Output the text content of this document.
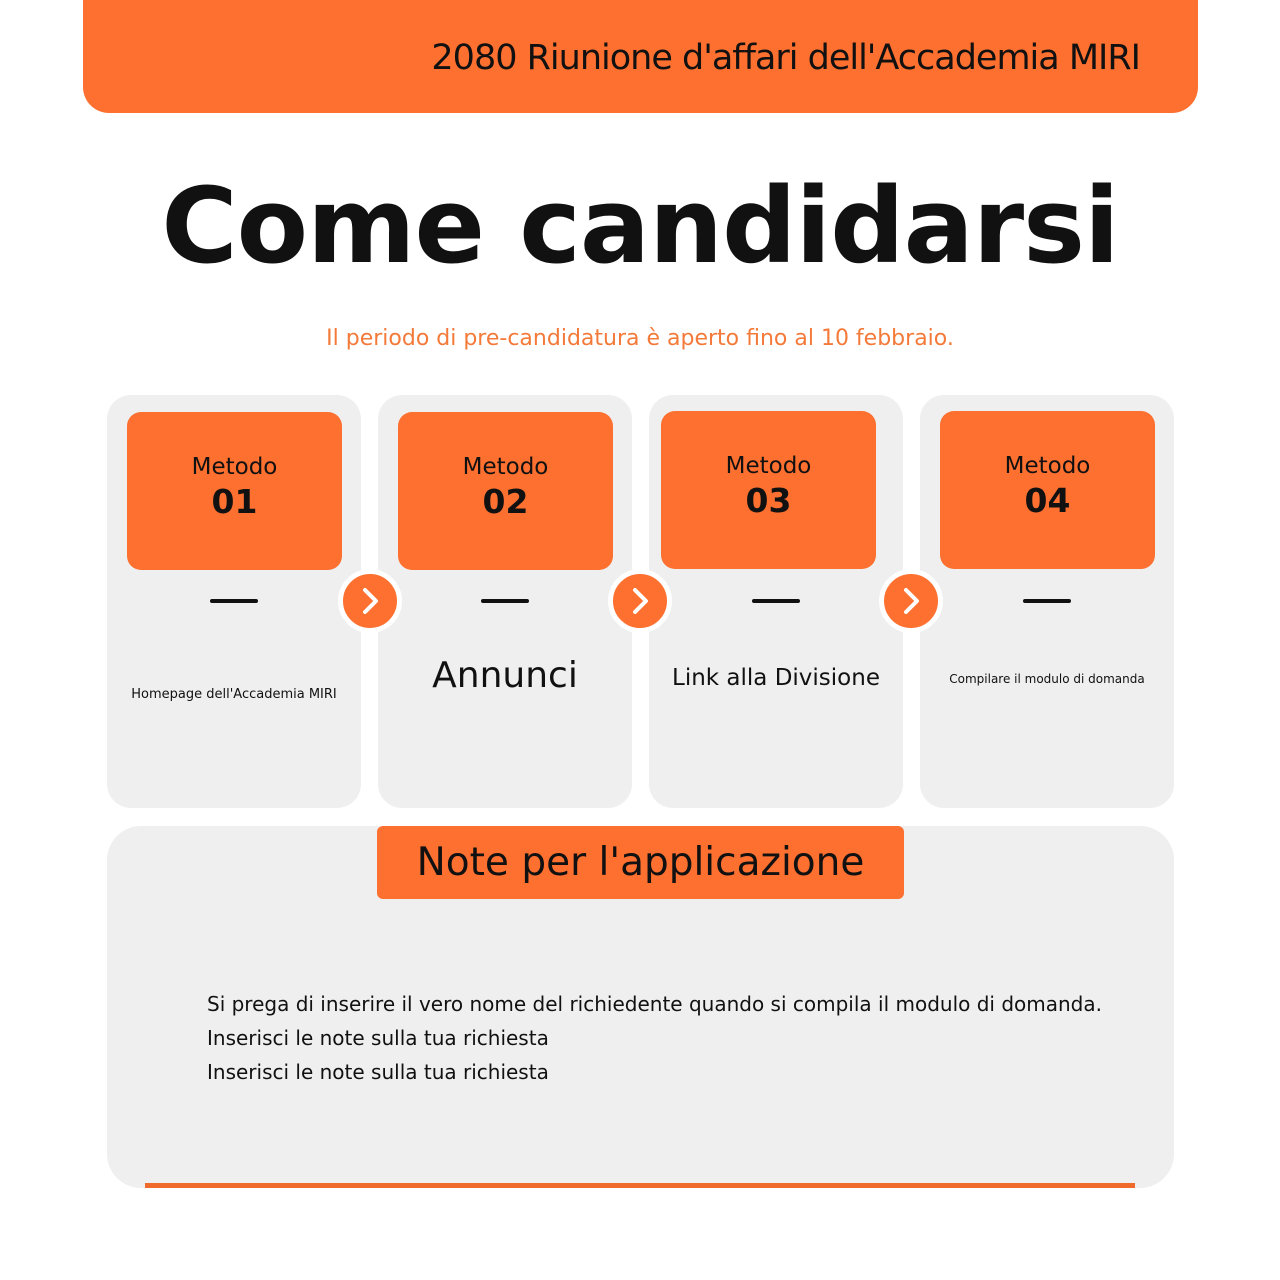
2080 Riunione d'affari dell'Accademia MIRI
Come candidarsi
Il periodo di pre-candidatura è aperto fino al 10 febbraio.
Metodo
01
Homepage dell'Accademia MIRI
Metodo
02
Annunci
Metodo
03
Link alla Divisione
Metodo
04
Compilare il modulo di domanda
Note per l'applicazione
Si prega di inserire il vero nome del richiedente quando si compila il modulo di domanda.
Inserisci le note sulla tua richiesta
Inserisci le note sulla tua richiesta
